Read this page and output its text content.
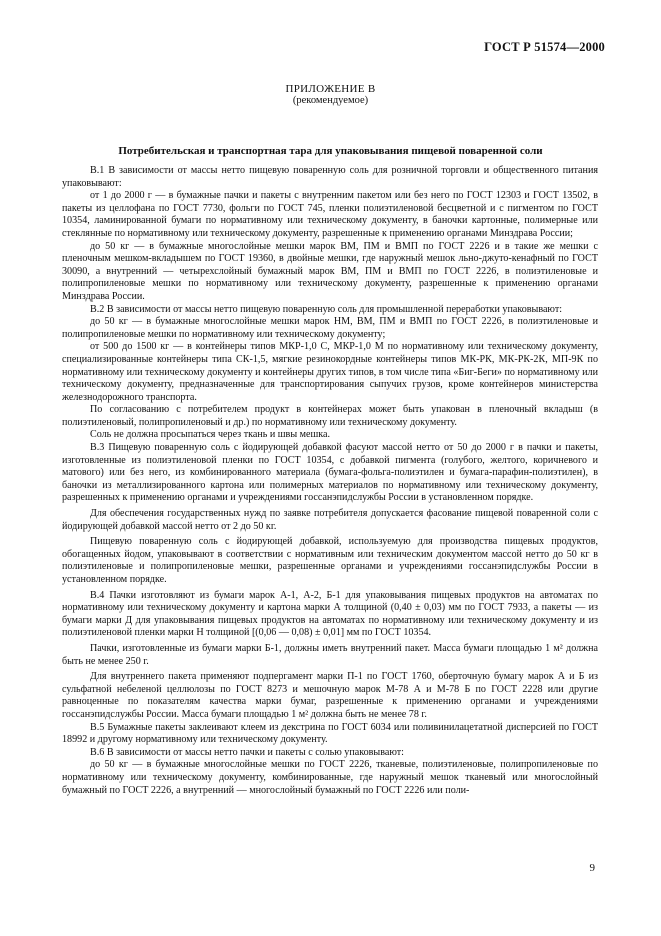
ГОСТ Р 51574—2000
ПРИЛОЖЕНИЕ В
(рекомендуемое)
Потребительская и транспортная тара для упаковывания пищевой поваренной соли

В.1 В зависимости от массы нетто пищевую поваренную соль для розничной торговли и общественного питания упаковывают:

от 1 до 2000 г — в бумажные пачки и пакеты с внутренним пакетом или без него по ГОСТ 12303 и ГОСТ 13502, в пакеты из целлофана по ГОСТ 7730, фольги по ГОСТ 745, пленки полиэтиленовой бесцветной и с пигментом по ГОСТ 10354, ламинированной бумаги по нормативному или техническому документу, в баночки картонные, полимерные или стеклянные по нормативному или техническому документу, разрешенные к применению органами Минздрава России;

до 50 кг — в бумажные многослойные мешки марок ВМ, ПМ и ВМП по ГОСТ 2226 и в такие же мешки с пленочным мешком-вкладышем по ГОСТ 19360, в двойные мешки, где наружный мешок льно-джуто-кенафный по ГОСТ 30090, а внутренний — четырехслойный бумажный марок ВМ, ПМ и ВМП по ГОСТ 2226, в полиэтиленовые и полипропиленовые мешки по нормативному или техническому документу, разрешенные к применению органами Минздрава России.

В.2 В зависимости от массы нетто пищевую поваренную соль для промышленной переработки упаковывают:

до 50 кг — в бумажные многослойные мешки марок НМ, ВМ, ПМ и ВМП по ГОСТ 2226, в полиэтиленовые и полипропиленовые мешки по нормативному или техническому документу;

от 500 до 1500 кг — в контейнеры типов МКР-1,0 С, МКР-1,0 М по нормативному или техническому документу, специализированные контейнеры типа СК-1,5, мягкие резинокордные контейнеры типов МК-РК, МК-РК-2К, МП-9К по нормативному или техническому документу и контейнеры других типов, в том числе типа «Биг-Беги» по нормативному или техническому документу, предназначенные для транспортирования сыпучих грузов, кроме контейнеров министерства железнодорожного транспорта.

По согласованию с потребителем продукт в контейнерах может быть упакован в пленочный вкладыш (в полиэтиленовый, полипропиленовый и др.) по нормативному или техническому документу.

Соль не должна просыпаться через ткань и швы мешка.

В.3 Пищевую поваренную соль с йодирующей добавкой фасуют массой нетто от 50 до 2000 г в пачки и пакеты, изготовленные из полиэтиленовой пленки по ГОСТ 10354, с добавкой пигмента (голубого, желтого, коричневого и матового) или без него, из комбинированного материала (бумага-фольга-полиэтилен и бумага-парафин-полиэтилен), в баночки из металлизированного картона или полимерных материалов по нормативному или техническому документу, разрешенных к применению органами и учреждениями госсанэпидслужбы России в установленном порядке.

Для обеспечения государственных нужд по заявке потребителя допускается фасование пищевой поваренной соли с йодирующей добавкой массой нетто от 2 до 50 кг.

Пищевую поваренную соль с йодирующей добавкой, используемую для производства пищевых продуктов, обогащенных йодом, упаковывают в соответствии с нормативным или техническим документом массой нетто до 50 кг в полиэтиленовые и полипропиленовые мешки, разрешенные органами и учреждениями госсанэпидслужбы России в установленном порядке.

В.4 Пачки изготовляют из бумаги марок А-1, А-2, Б-1 для упаковывания пищевых продуктов на автоматах по нормативному или техническому документу и картона марки А толщиной (0,40 ± 0,03) мм по ГОСТ 7933, а пакеты — из бумаги марки Д для упаковывания пищевых продуктов на автоматах по нормативному или техническому документу и из полиэтиленовой пленки марки Н толщиной [(0,06 — 0,08) ± 0,01] мм по ГОСТ 10354.

Пачки, изготовленные из бумаги марки Б-1, должны иметь внутренний пакет. Масса бумаги площадью 1 м² должна быть не менее 250 г.

Для внутреннего пакета применяют подпергамент марки П-1 по ГОСТ 1760, оберточную бумагу марок А и Б из сульфатной небеленой целлюлозы по ГОСТ 8273 и мешочную марок М-78 А и М-78 Б по ГОСТ 2228 или другие равноценные по показателям качества марки бумаг, разрешенные к применению органами и учреждениями госсанэпидслужбы России. Масса бумаги площадью 1 м² должна быть не менее 78 г.

В.5 Бумажные пакеты заклеивают клеем из декстрина по ГОСТ 6034 или поливинилацетатной дисперсией по ГОСТ 18992 и другому нормативному или техническому документу.

В.6 В зависимости от массы нетто пачки и пакеты с солью упаковывают:

до 50 кг — в бумажные многослойные мешки по ГОСТ 2226, тканевые, полиэтиленовые, полипропиленовые по нормативному или техническому документу, комбинированные, где наружный мешок тканевый или многослойный бумажный по ГОСТ 2226, а внутренний — многослойный бумажный по ГОСТ 2226 или поли-

9
